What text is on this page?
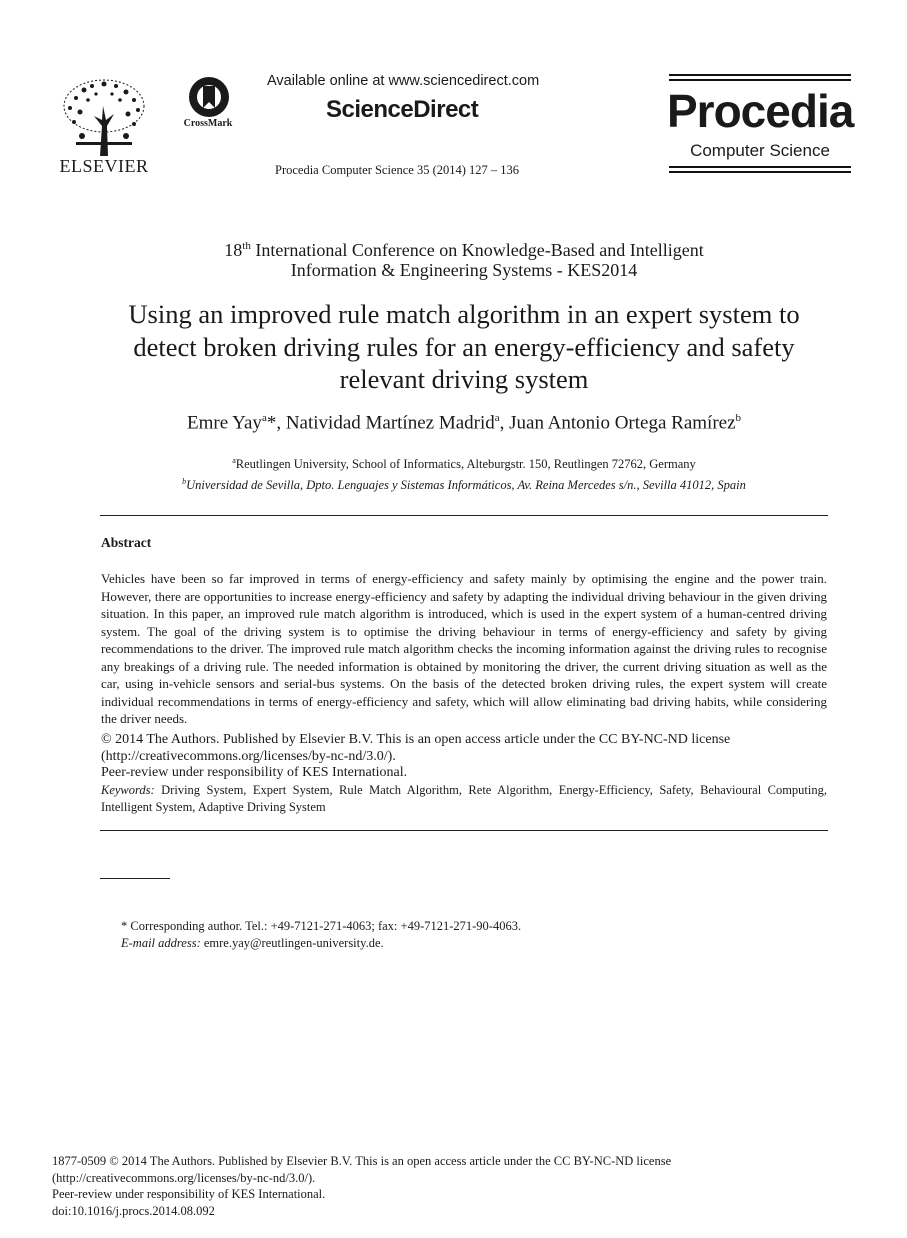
ELSEVIER
CrossMark
Available online at www.sciencedirect.com
ScienceDirect
Procedia Computer Science 35 (2014) 127 – 136
Procedia
Computer Science
18th International Conference on Knowledge-Based and Intelligent
Information & Engineering Systems - KES2014
Using an improved rule match algorithm in an expert system to
detect broken driving rules for an energy-efficiency and safety
relevant driving system
Emre Yay$^a$*, Natividad Martínez Madrid$^a$, Juan Antonio Ortega Ramírez$^b$
$^a$Reutlingen University, School of Informatics, Alteburgstr. 150, Reutlingen 72762, Germany
$^b$Universidad de Sevilla, Dpto. Lenguajes y Sistemas Informáticos, Av. Reina Mercedes s/n., Sevilla 41012, Spain
Abstract
Vehicles have been so far improved in terms of energy-efficiency and safety mainly by optimising the engine and the power train. However, there are opportunities to increase energy-efficiency and safety by adapting the individual driving behaviour in the given driving situation. In this paper, an improved rule match algorithm is introduced, which is used in the expert system of a human-centred driving system. The goal of the driving system is to optimise the driving behaviour in terms of energy-efficiency and safety by giving recommendations to the driver. The improved rule match algorithm checks the incoming information against the driving rules to recognise any breakings of a driving rule. The needed information is obtained by monitoring the driver, the current driving situation as well as the car, using in-vehicle sensors and serial-bus systems. On the basis of the detected broken driving rules, the expert system will create individual recommendations in terms of energy-efficiency and safety, which will allow eliminating bad driving habits, while considering the driver needs.
© 2014 The Authors. Published by Elsevier B.V. This is an open access article under the CC BY-NC-ND license
(http://creativecommons.org/licenses/by-nc-nd/3.0/).
Peer-review under responsibility of KES International.
Keywords: Driving System, Expert System, Rule Match Algorithm, Rete Algorithm, Energy-Efficiency, Safety, Behavioural Computing, Intelligent System, Adaptive Driving System
* Corresponding author. Tel.: +49-7121-271-4063; fax: +49-7121-271-90-4063.
E-mail address: emre.yay@reutlingen-university.de.
1877-0509 © 2014 The Authors. Published by Elsevier B.V. This is an open access article under the CC BY-NC-ND license
(http://creativecommons.org/licenses/by-nc-nd/3.0/).
Peer-review under responsibility of KES International.
doi:10.1016/j.procs.2014.08.092
